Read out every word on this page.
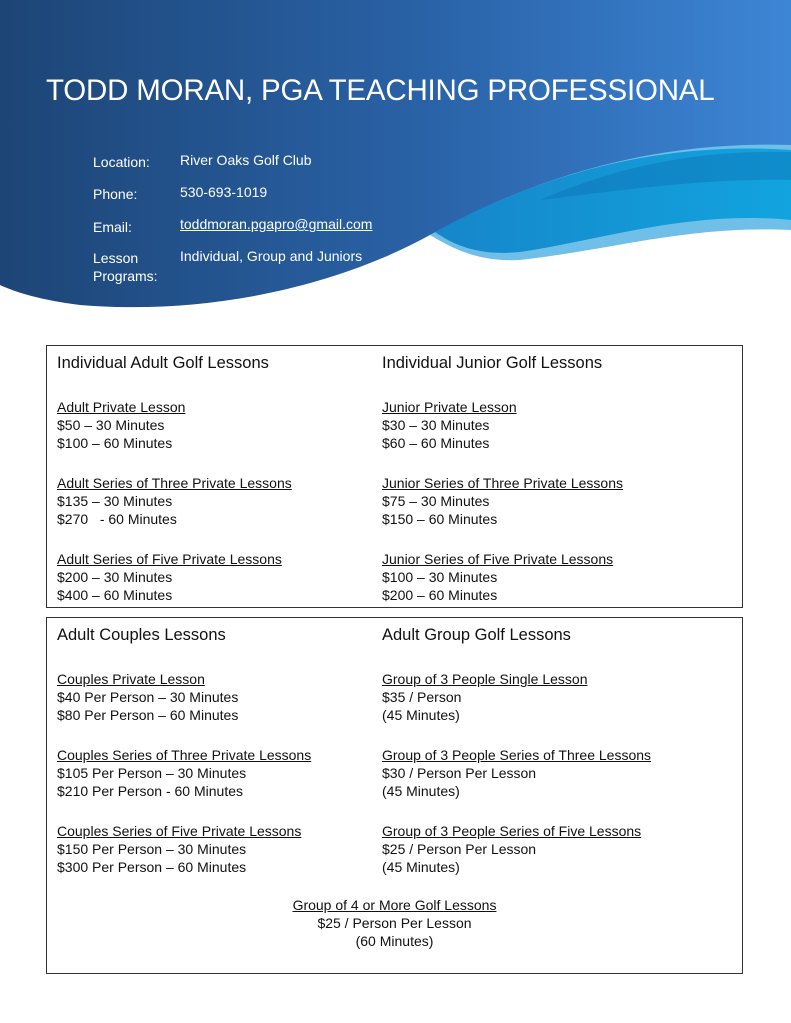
TODD MORAN, PGA TEACHING PROFESSIONAL
Location: River Oaks Golf Club
Phone:	530-693-1019
Email:	toddmoran.pgapro@gmail.com
Lesson
Programs:
Individual, Group and Juniors
Individual Adult Golf Lessons
Adult Private Lesson
$50 – 30 Minutes
$100 – 60 Minutes
Adult Series of Three Private Lessons
$135 – 30 Minutes
$270   - 60 Minutes
Adult Series of Five Private Lessons
$200 – 30 Minutes
$400 – 60 Minutes
Individual Junior Golf Lessons
Junior Private Lesson
$30 – 30 Minutes
$60 – 60 Minutes
Junior Series of Three Private Lessons
$75 – 30 Minutes
$150 – 60 Minutes
Junior Series of Five Private Lessons
$100 – 30 Minutes
$200 – 60 Minutes
Adult Couples Lessons
Couples Private Lesson
$40 Per Person – 30 Minutes
$80 Per Person – 60 Minutes
Couples Series of Three Private Lessons
$105 Per Person – 30 Minutes
$210 Per Person - 60 Minutes
Couples Series of Five Private Lessons
$150 Per Person – 30 Minutes
$300 Per Person – 60 Minutes
Adult Group Golf Lessons
Group of 3 People Single Lesson
$35 / Person
(45 Minutes)
Group of 3 People Series of Three Lessons
$30 / Person Per Lesson
(45 Minutes)
Group of 3 People Series of Five Lessons
$25 / Person Per Lesson
(45 Minutes)
Group of 4 or More Golf Lessons
$25 / Person Per Lesson
(60 Minutes)
